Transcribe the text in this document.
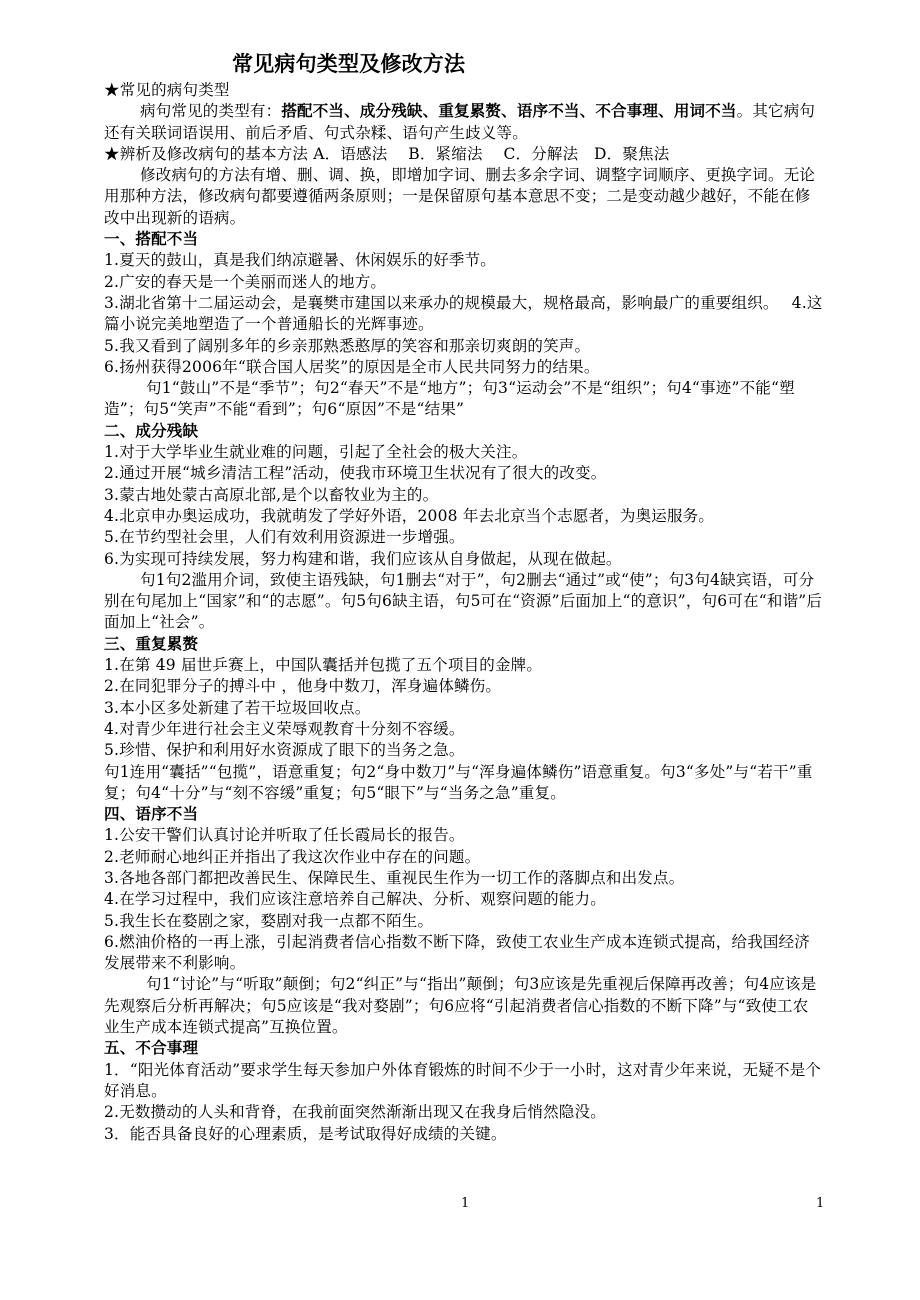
常见病句类型及修改方法
★常见的病句类型
病句常见的类型有：搭配不当、成分残缺、重复累赘、语序不当、不合事理、用词不当。其它病句还有关联词语误用、前后矛盾、句式杂糅、语句产生歧义等。
★辨析及修改病句的基本方法 A．语感法　 B．紧缩法　 C．分解法　D．聚焦法
修改病句的方法有增、删、调、换，即增加字词、删去多余字词、调整字词顺序、更换字词。无论用那种方法，修改病句都要遵循两条原则；一是保留原句基本意思不变；二是变动越少越好，不能在修改中出现新的语病。
一、搭配不当
1.夏天的鼓山，真是我们纳凉避暑、休闲娱乐的好季节。
2.广安的春天是一个美丽而迷人的地方。
3.湖北省第十二届运动会，是襄樊市建国以来承办的规模最大，规格最高，影响最广的重要组织。　 4.这篇小说完美地塑造了一个普通船长的光辉事迹。
5.我又看到了阔别多年的乡亲那熟悉憨厚的笑容和那亲切爽朗的笑声。
6.扬州获得2006年“联合国人居奖”的原因是全市人民共同努力的结果。
句1“鼓山”不是“季节”；句2“春天”不是“地方”；句3“运动会”不是“组织”；句4“事迹”不能“塑造”；句5“笑声”不能“看到”；句6“原因”不是“结果”
二、成分残缺
1.对于大学毕业生就业难的问题，引起了全社会的极大关注。
2.通过开展“城乡清洁工程”活动，使我市环境卫生状况有了很大的改变。
3.蒙古地处蒙古高原北部,是个以畜牧业为主的。
4.北京申办奥运成功，我就萌发了学好外语，2008 年去北京当个志愿者，为奥运服务。
5.在节约型社会里，人们有效利用资源进一步增强。
6.为实现可持续发展，努力构建和谐，我们应该从自身做起，从现在做起。
句1句2滥用介词，致使主语残缺，句1删去“对于”，句2删去“通过”或“使”；句3句4缺宾语，可分别在句尾加上“国家”和“的志愿”。句5句6缺主语，句5可在“资源”后面加上“的意识”，句6可在“和谐”后面加上“社会”。
三、重复累赘
1.在第 49 届世乒赛上，中国队囊括并包揽了五个项目的金牌。
2.在同犯罪分子的搏斗中 ，他身中数刀，浑身遍体鳞伤。
3.本小区多处新建了若干垃圾回收点。
4.对青少年进行社会主义荣辱观教育十分刻不容缓。
5.珍惜、保护和利用好水资源成了眼下的当务之急。
句1连用“囊括”“包揽”，语意重复；句2“身中数刀”与“浑身遍体鳞伤”语意重复。句3“多处”与“若干”重复；句4“十分”与“刻不容缓”重复；句5“眼下”与“当务之急”重复。
四、语序不当
1.公安干警们认真讨论并听取了任长霞局长的报告。
2.老师耐心地纠正并指出了我这次作业中存在的问题。
3.各地各部门都把改善民生、保障民生、重视民生作为一切工作的落脚点和出发点。
4.在学习过程中，我们应该注意培养自己解决、分析、观察问题的能力。
5.我生长在婺剧之家，婺剧对我一点都不陌生。
6.燃油价格的一再上涨，引起消费者信心指数不断下降，致使工农业生产成本连锁式提高，给我国经济发展带来不利影响。
句1“讨论”与“听取”颠倒；句2“纠正”与“指出”颠倒；句3应该是先重视后保障再改善；句4应该是先观察后分析再解决；句5应该是“我对婺剧”；句6应将“引起消费者信心指数的不断下降”与“致使工农业生产成本连锁式提高”互换位置。
五、不合事理
1．“阳光体育活动”要求学生每天参加户外体育锻炼的时间不少于一小时，这对青少年来说，无疑不是个好消息。
2.无数攒动的人头和背脊，在我前面突然渐渐出现又在我身后悄然隐没。
3．能否具备良好的心理素质，是考试取得好成绩的关键。
1	1
